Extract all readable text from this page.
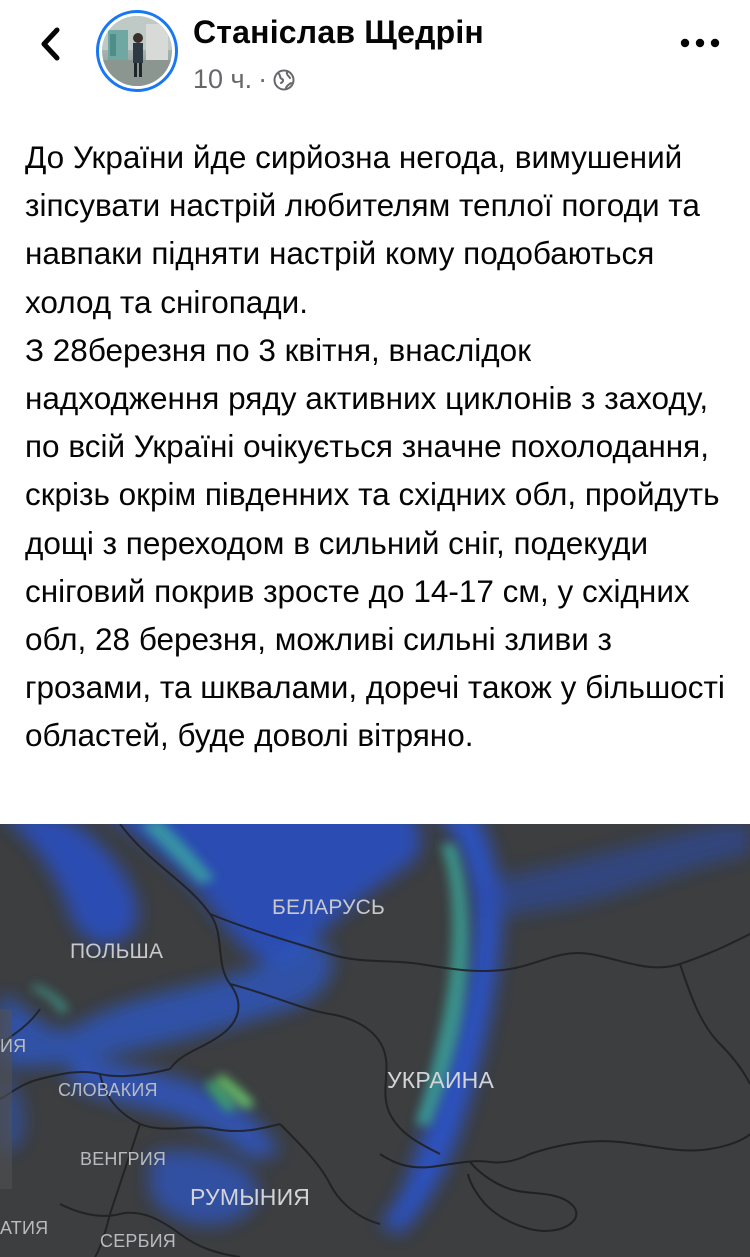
Станіслав Щедрін
10 ч. ·

До України йде сирйозна негода, вимушений зіпсувати настрій любителям теплої погоди та навпаки підняти настрій кому подобаються холод та снігопади.

З 28березня по 3 квітня, внаслідок надходження ряду активних циклонів з заходу, по всій Україні очікується значне похолодання, скрізь окрім південних та східних обл, пройдуть дощі з переходом в сильний сніг, подекуди сніговий покрив зросте до 14-17 см, у східних обл, 28 березня, можливі сильні зливи з грозами, та шквалами, доречі також у більшості областей, буде доволі вітряно.

БЕЛАРУСЬ
ПОЛЬША
СЛОВАКИЯ
ВЕНГРИЯ
РУМЫНИЯ
УКРАИНА
СЕРБИЯ
АТИЯ
ИЯ
